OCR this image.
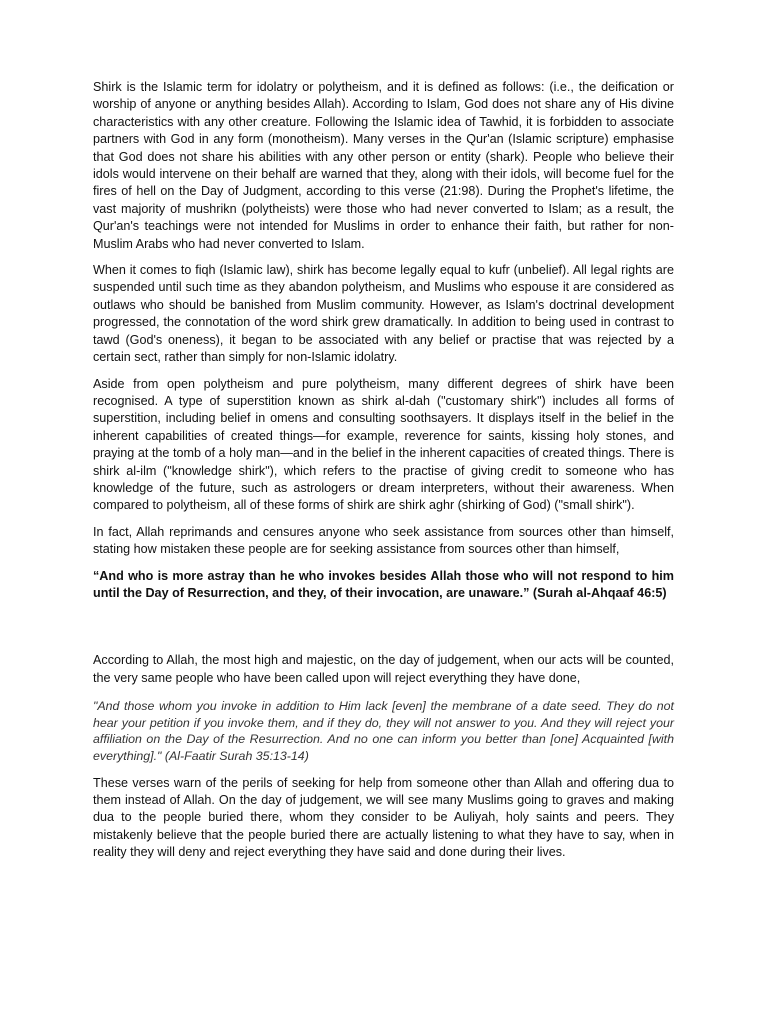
Shirk is the Islamic term for idolatry or polytheism, and it is defined as follows: (i.e., the deification or worship of anyone or anything besides Allah). According to Islam, God does not share any of His divine characteristics with any other creature. Following the Islamic idea of Tawhid, it is forbidden to associate partners with God in any form (monotheism). Many verses in the Qur'an (Islamic scripture) emphasise that God does not share his abilities with any other person or entity (shark). People who believe their idols would intervene on their behalf are warned that they, along with their idols, will become fuel for the fires of hell on the Day of Judgment, according to this verse (21:98). During the Prophet's lifetime, the vast majority of mushrikn (polytheists) were those who had never converted to Islam; as a result, the Qur'an's teachings were not intended for Muslims in order to enhance their faith, but rather for non-Muslim Arabs who had never converted to Islam.

When it comes to fiqh (Islamic law), shirk has become legally equal to kufr (unbelief). All legal rights are suspended until such time as they abandon polytheism, and Muslims who espouse it are considered as outlaws who should be banished from Muslim community. However, as Islam's doctrinal development progressed, the connotation of the word shirk grew dramatically. In addition to being used in contrast to tawd (God's oneness), it began to be associated with any belief or practise that was rejected by a certain sect, rather than simply for non-Islamic idolatry.

Aside from open polytheism and pure polytheism, many different degrees of shirk have been recognised. A type of superstition known as shirk al-dah ("customary shirk") includes all forms of superstition, including belief in omens and consulting soothsayers. It displays itself in the belief in the inherent capabilities of created things—for example, reverence for saints, kissing holy stones, and praying at the tomb of a holy man—and in the belief in the inherent capacities of created things. There is shirk al-ilm ("knowledge shirk"), which refers to the practise of giving credit to someone who has knowledge of the future, such as astrologers or dream interpreters, without their awareness. When compared to polytheism, all of these forms of shirk are shirk aghr (shirking of God) ("small shirk").

In fact, Allah reprimands and censures anyone who seek assistance from sources other than himself, stating how mistaken these people are for seeking assistance from sources other than himself,

“And who is more astray than he who invokes besides Allah those who will not respond to him until the Day of Resurrection, and they, of their invocation, are unaware.” (Surah al-Ahqaaf 46:5)

According to Allah, the most high and majestic, on the day of judgement, when our acts will be counted, the very same people who have been called upon will reject everything they have done,

"And those whom you invoke in addition to Him lack [even] the membrane of a date seed. They do not hear your petition if you invoke them, and if they do, they will not answer to you. And they will reject your affiliation on the Day of the Resurrection. And no one can inform you better than [one] Acquainted [with everything]." (Al-Faatir Surah 35:13-14)

These verses warn of the perils of seeking for help from someone other than Allah and offering dua to them instead of Allah. On the day of judgement, we will see many Muslims going to graves and making dua to the people buried there, whom they consider to be Auliyah, holy saints and peers. They mistakenly believe that the people buried there are actually listening to what they have to say, when in reality they will deny and reject everything they have said and done during their lives.
